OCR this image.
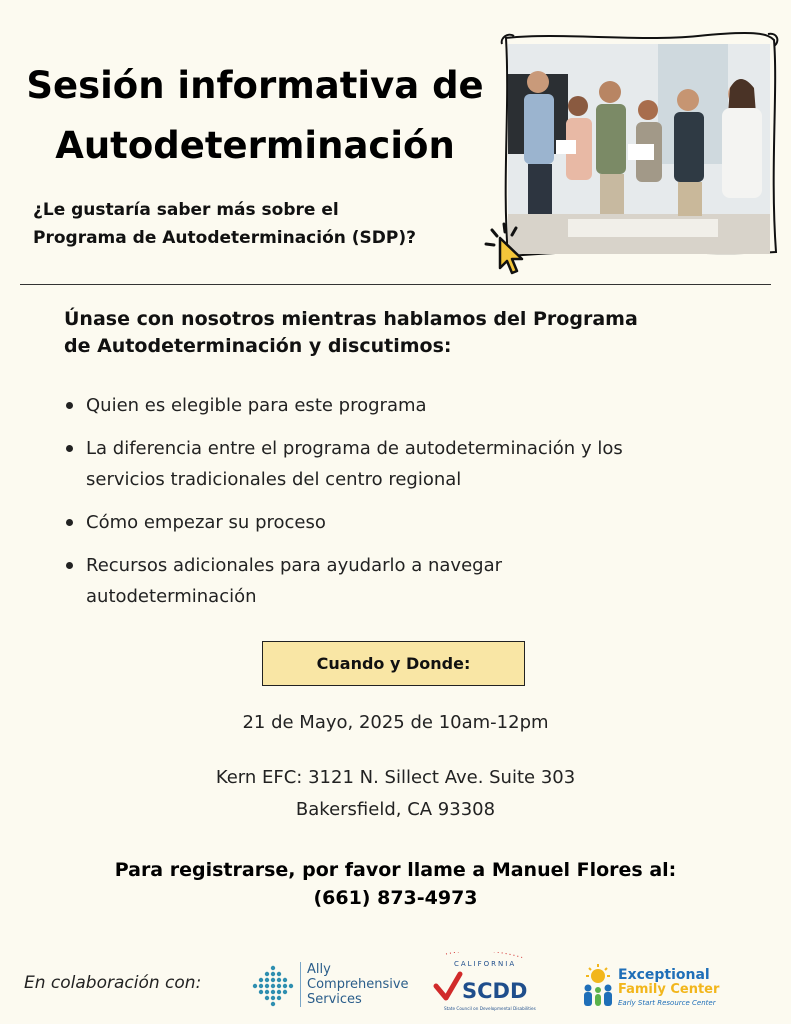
Sesión informativa de
Autodeterminación
¿Le gustaría saber más sobre el
Programa de Autodeterminación (SDP)?
Únase con nosotros mientras hablamos del Programa
de Autodeterminación y discutimos:
Quien es elegible para este programa
La diferencia entre el programa de autodeterminación y los
servicios tradicionales del centro regional
Cómo empezar su proceso
Recursos adicionales para ayudarlo a navegar
autodeterminación
Cuando y Donde:
21 de Mayo, 2025 de 10am-12pm
Kern EFC: 3121 N. Sillect Ave. Suite 303
Bakersfield, CA 93308
Para registrarse, por favor llame a Manuel Flores al:
(661) 873-4973
En colaboración con:
Ally
Comprehensive
Services
CALIFORNIA
SCDD
State Council on Developmental Disabilities
Exceptional
Family Center
Early Start Resource Center
